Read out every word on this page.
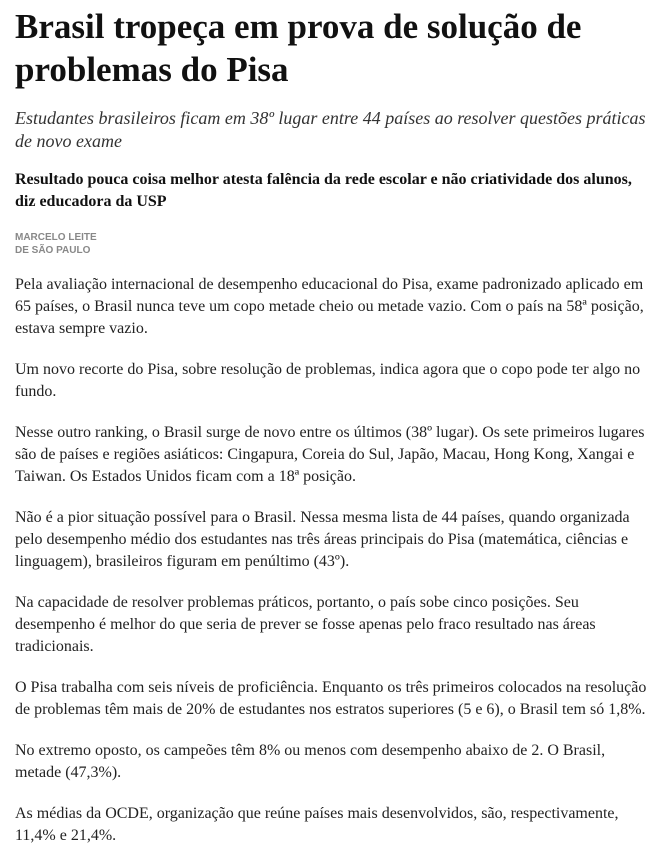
Brasil tropeça em prova de solução de problemas do Pisa

Estudantes brasileiros ficam em 38º lugar entre 44 países ao resolver questões práticas de novo exame

Resultado pouca coisa melhor atesta falência da rede escolar e não criatividade dos alunos, diz educadora da USP

MARCELO LEITE
DE SÃO PAULO

Pela avaliação internacional de desempenho educacional do Pisa, exame padronizado aplicado em 65 países, o Brasil nunca teve um copo metade cheio ou metade vazio. Com o país na 58ª posição, estava sempre vazio.

Um novo recorte do Pisa, sobre resolução de problemas, indica agora que o copo pode ter algo no fundo.

Nesse outro ranking, o Brasil surge de novo entre os últimos (38º lugar). Os sete primeiros lugares são de países e regiões asiáticos: Cingapura, Coreia do Sul, Japão, Macau, Hong Kong, Xangai e Taiwan. Os Estados Unidos ficam com a 18ª posição.

Não é a pior situação possível para o Brasil. Nessa mesma lista de 44 países, quando organizada pelo desempenho médio dos estudantes nas três áreas principais do Pisa (matemática, ciências e linguagem), brasileiros figuram em penúltimo (43º).

Na capacidade de resolver problemas práticos, portanto, o país sobe cinco posições. Seu desempenho é melhor do que seria de prever se fosse apenas pelo fraco resultado nas áreas tradicionais.

O Pisa trabalha com seis níveis de proficiência. Enquanto os três primeiros colocados na resolução de problemas têm mais de 20% de estudantes nos estratos superiores (5 e 6), o Brasil tem só 1,8%.

No extremo oposto, os campeões têm 8% ou menos com desempenho abaixo de 2. O Brasil, metade (47,3%).

As médias da OCDE, organização que reúne países mais desenvolvidos, são, respectivamente, 11,4% e 21,4%.
